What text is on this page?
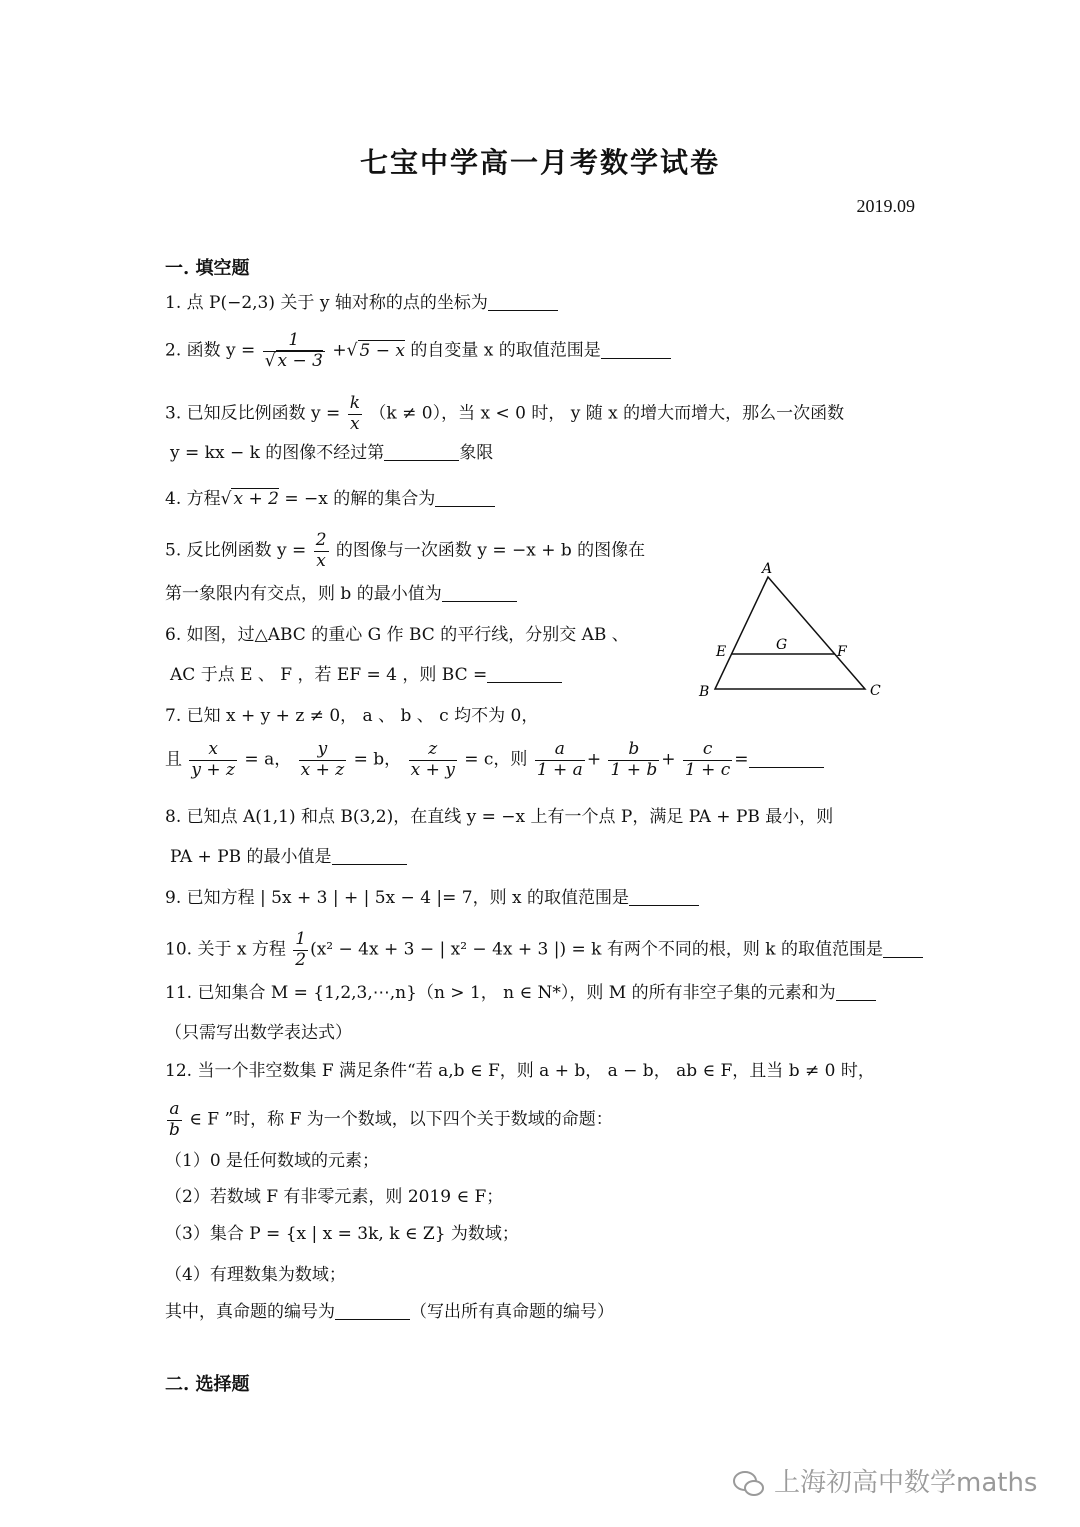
七宝中学高一月考数学试卷
2019.09
一. 填空题
1. 点 P(−2,3) 关于 y 轴对称的点的坐标为
2. 函数 $y = \frac{1}{√ x - 3}$ +√ 5 − x 的自变量 x 的取值范围是
3. 已知反比例函数 $y = \frac{k}{x} (k \ne 0)$，当 x < 0 时， y 随 x 的增大而增大，那么一次函数
y = kx − k 的图像不经过第	象限
4. 方程√ x + 2 = −x 的解的集合为
5. 反比例函数 $y = \frac{2}{x}$ 的图像与一次函数 y = −x + b 的图像在
第一象限内有交点，则 b 的最小值为
6. 如图，过△ABC 的重心 G 作 BC 的平行线，分别交 AB 、
AC 于点 E 、 F ，若 EF = 4 ，则 BC =
A
B	C
E	F
G
7. 已知 x + y + z ≠ 0， a 、 b 、 c 均不为 0，
且 $\frac{x}{y + z} = a$， $\frac{y}{x + z} = b$， $\frac{z}{x + y} = c$，则 $\frac{a}{1 + a} + \frac{b}{1 + b} + \frac{c}{1 + c}$ =
8. 已知点 A(1,1) 和点 B(3,2)，在直线 y = −x 上有一个点 P，满足 PA + PB 最小，则
PA + PB 的最小值是
9. 已知方程 | 5x + 3 | + | 5x − 4 |= 7，则 x 的取值范围是
10. 关于 x 方程 $\frac{1}{2} (x^2 - 4x + 3$ − | x² − 4x + 3 |) = k 有两个不同的根，则 k 的取值范围是
11. 已知集合 M = {1,2,3,⋯,n}（n > 1， n ∈ N*），则 M 的所有非空子集的元素和为
（只需写出数学表达式）
12. 当一个非空数集 F 满足条件“若 a,b ∈ F，则 a + b， a − b， ab ∈ F，且当 b ≠ 0 时，
$\frac{a}{b}$ ∈ F ”时，称 F 为一个数域，以下四个关于数域的命题：
（1）0 是任何数域的元素；
（2）若数域 F 有非零元素，则 2019 ∈ F；
（3）集合 P = {x | x = 3k, k ∈ Z} 为数域；
（4）有理数集为数域；
其中，真命题的编号为	（写出所有真命题的编号）
二. 选择题
上海初高中数学maths
